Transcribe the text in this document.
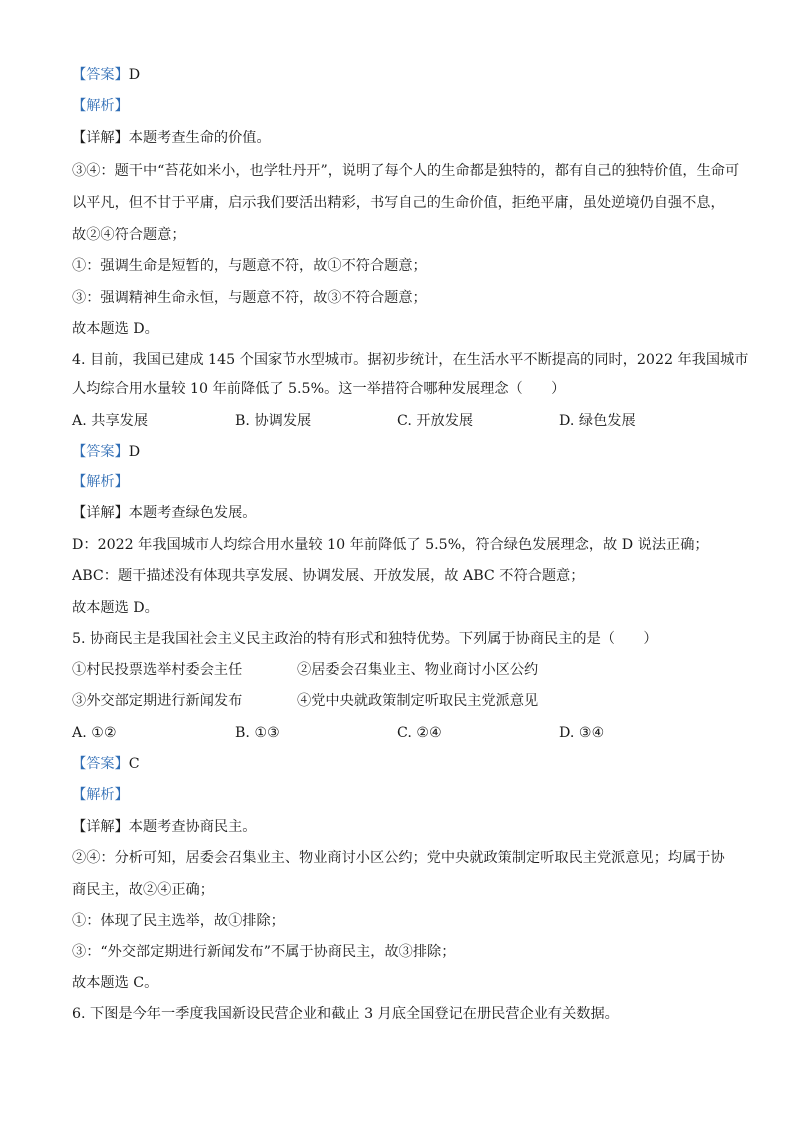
【答案】D
【解析】
【详解】本题考查生命的价值。
③④：题干中“苔花如米小，也学牡丹开”，说明了每个人的生命都是独特的，都有自己的独特价值，生命可
以平凡，但不甘于平庸，启示我们要活出精彩，书写自己的生命价值，拒绝平庸，虽处逆境仍自强不息，
故②④符合题意；
①：强调生命是短暂的，与题意不符，故①不符合题意；
③：强调精神生命永恒，与题意不符，故③不符合题意；
故本题选 D。
4. 目前，我国已建成 145 个国家节水型城市。据初步统计，在生活水平不断提高的同时，2022 年我国城市
人均综合用水量较 10 年前降低了 5.5%。这一举措符合哪种发展理念（　　）
A. 共享发展	B. 协调发展	C. 开放发展	D. 绿色发展
【答案】D
【解析】
【详解】本题考查绿色发展。
D：2022 年我国城市人均综合用水量较 10 年前降低了 5.5%，符合绿色发展理念，故 D 说法正确；
ABC：题干描述没有体现共享发展、协调发展、开放发展，故 ABC 不符合题意；
故本题选 D。
5. 协商民主是我国社会主义民主政治的特有形式和独特优势。下列属于协商民主的是（　　）
①村民投票选举村委会主任	②居委会召集业主、物业商讨小区公约
③外交部定期进行新闻发布	④党中央就政策制定听取民主党派意见
A. ①②	B. ①③	C. ②④	D. ③④
【答案】C
【解析】
【详解】本题考查协商民主。
②④：分析可知，居委会召集业主、物业商讨小区公约；党中央就政策制定听取民主党派意见；均属于协
商民主，故②④正确；
①：体现了民主选举，故①排除；
③：“外交部定期进行新闻发布”不属于协商民主，故③排除；
故本题选 C。
6. 下图是今年一季度我国新设民营企业和截止 3 月底全国登记在册民营企业有关数据。
